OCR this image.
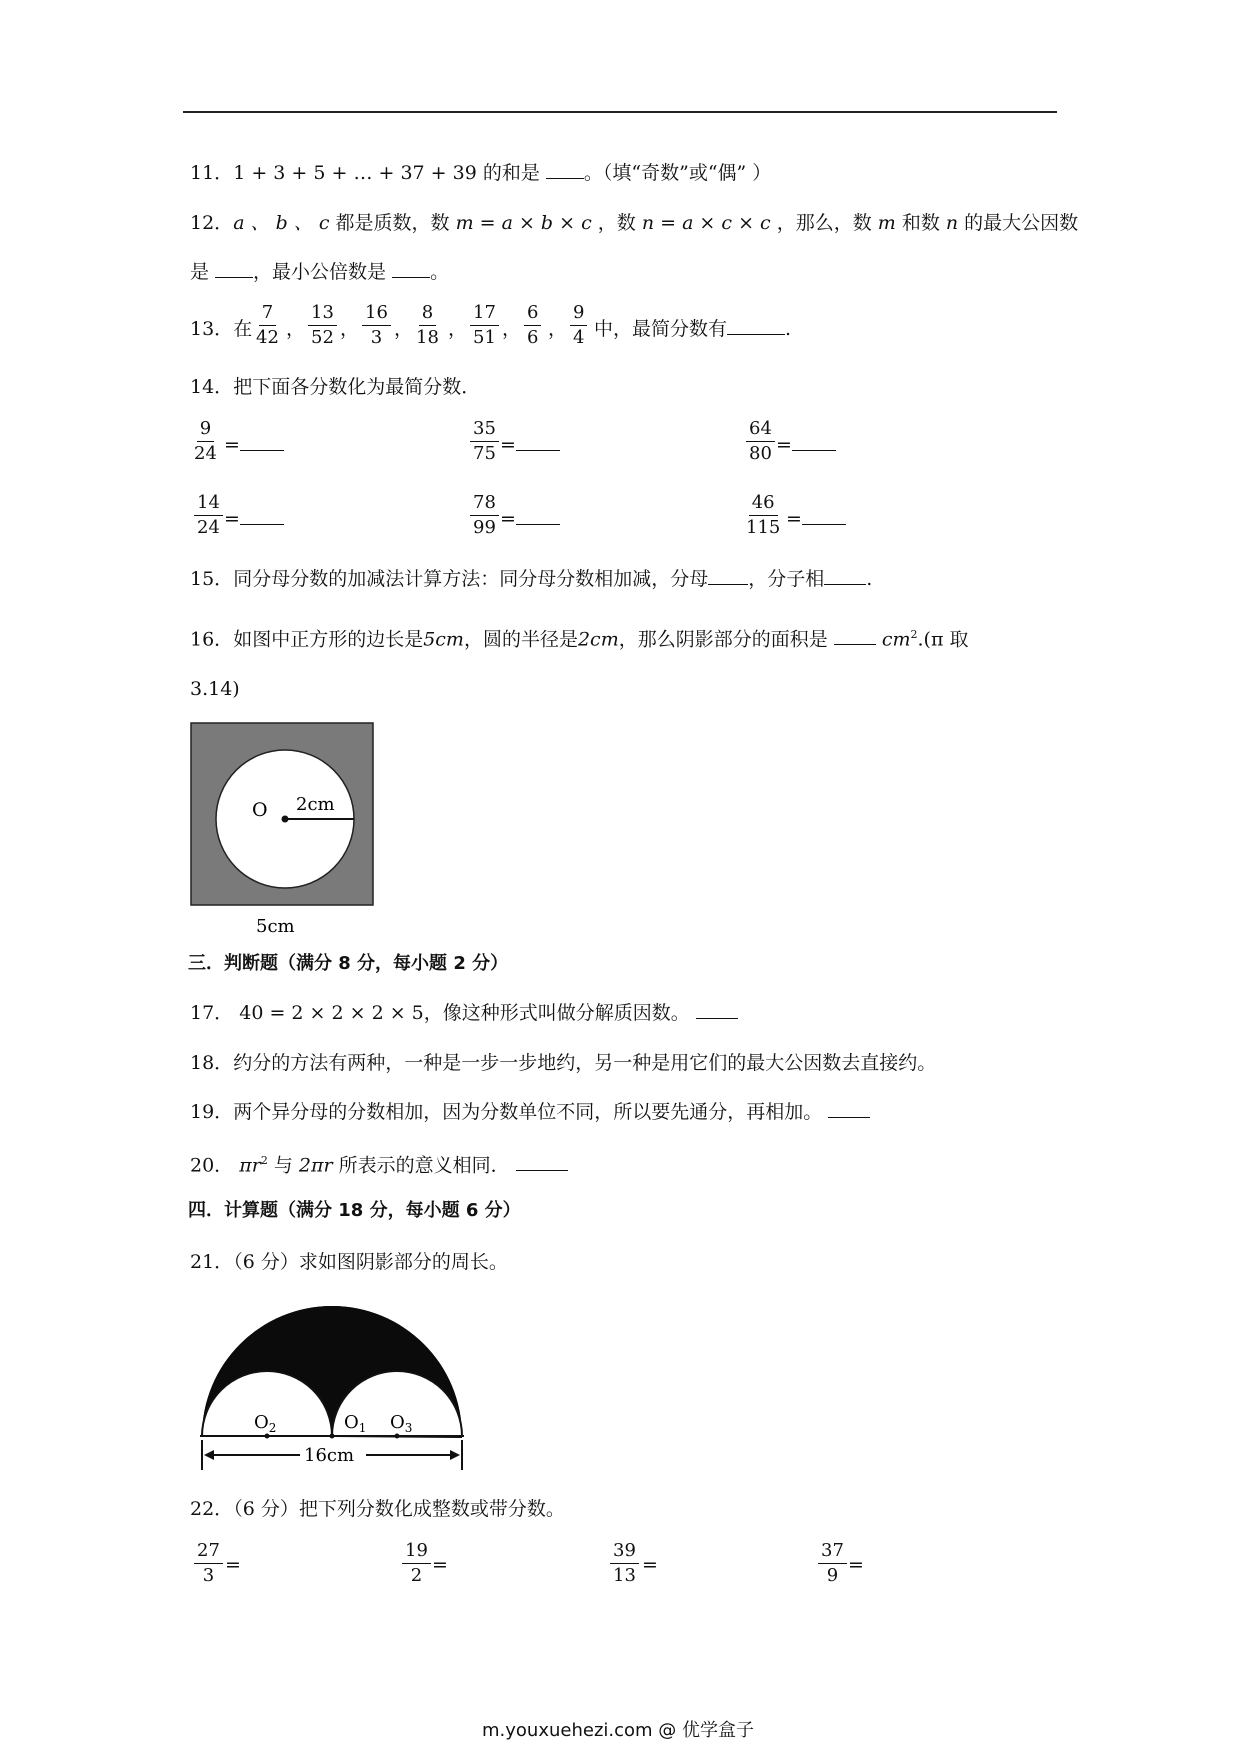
11．1 + 3 + 5 + … + 37 + 39 的和是 。（填“奇数”或“偶” ）
12．a 、 b 、 c 都是质数，数 m = a × b × c ，数 n = a × c × c ，那么，数 m 和数 n 的最大公因数
是 ，最小公倍数是 。
13．在 $\frac{7}{42}$ ， $\frac{13}{52}$ ， $\frac{16}{3}$ ， $\frac{8}{18}$ ， $\frac{17}{51}$ ， $\frac{6}{6}$ ， $\frac{9}{4}$ 中，最简分数有	.
14．把下面各分数化为最简分数．
$\frac{9}{24}$ =	$\frac{35}{75}$ =	$\frac{64}{80}$ =
$\frac{14}{24}$ =	$\frac{78}{99}$ =	$\frac{46}{115}$ =
15．同分母分数的加减法计算方法：同分母分数相加减，分母 ，分子相 .
16．如图中正方形的边长是5cm，圆的半径是2cm，那么阴影部分的面积是	$cm^2.(\pi$ 取
3.14)
O 2cm
5cm
三．判断题（满分 8 分，每小题 2 分）
17． 40 = 2 × 2 × 2 × 5，像这种形式叫做分解质因数。
18．约分的方法有两种，一种是一步一步地约，另一种是用它们的最大公因数去直接约。
19．两个异分母的分数相加，因为分数单位不同，所以要先通分，再相加。
20． $\pi r^2$ 与 2πr 所表示的意义相同．
四．计算题（满分 18 分，每小题 6 分）
21．（6 分）求如图阴影部分的周长。
$O_2$	$O_1$ $O_3$
16cm
22．（6 分）把下列分数化成整数或带分数。
$\frac{27}{3}$ =	$\frac{19}{2}$ =	$\frac{39}{13}$ =	$\frac{37}{9}$ =
m.youxuehezi.com @ 优学盒子
